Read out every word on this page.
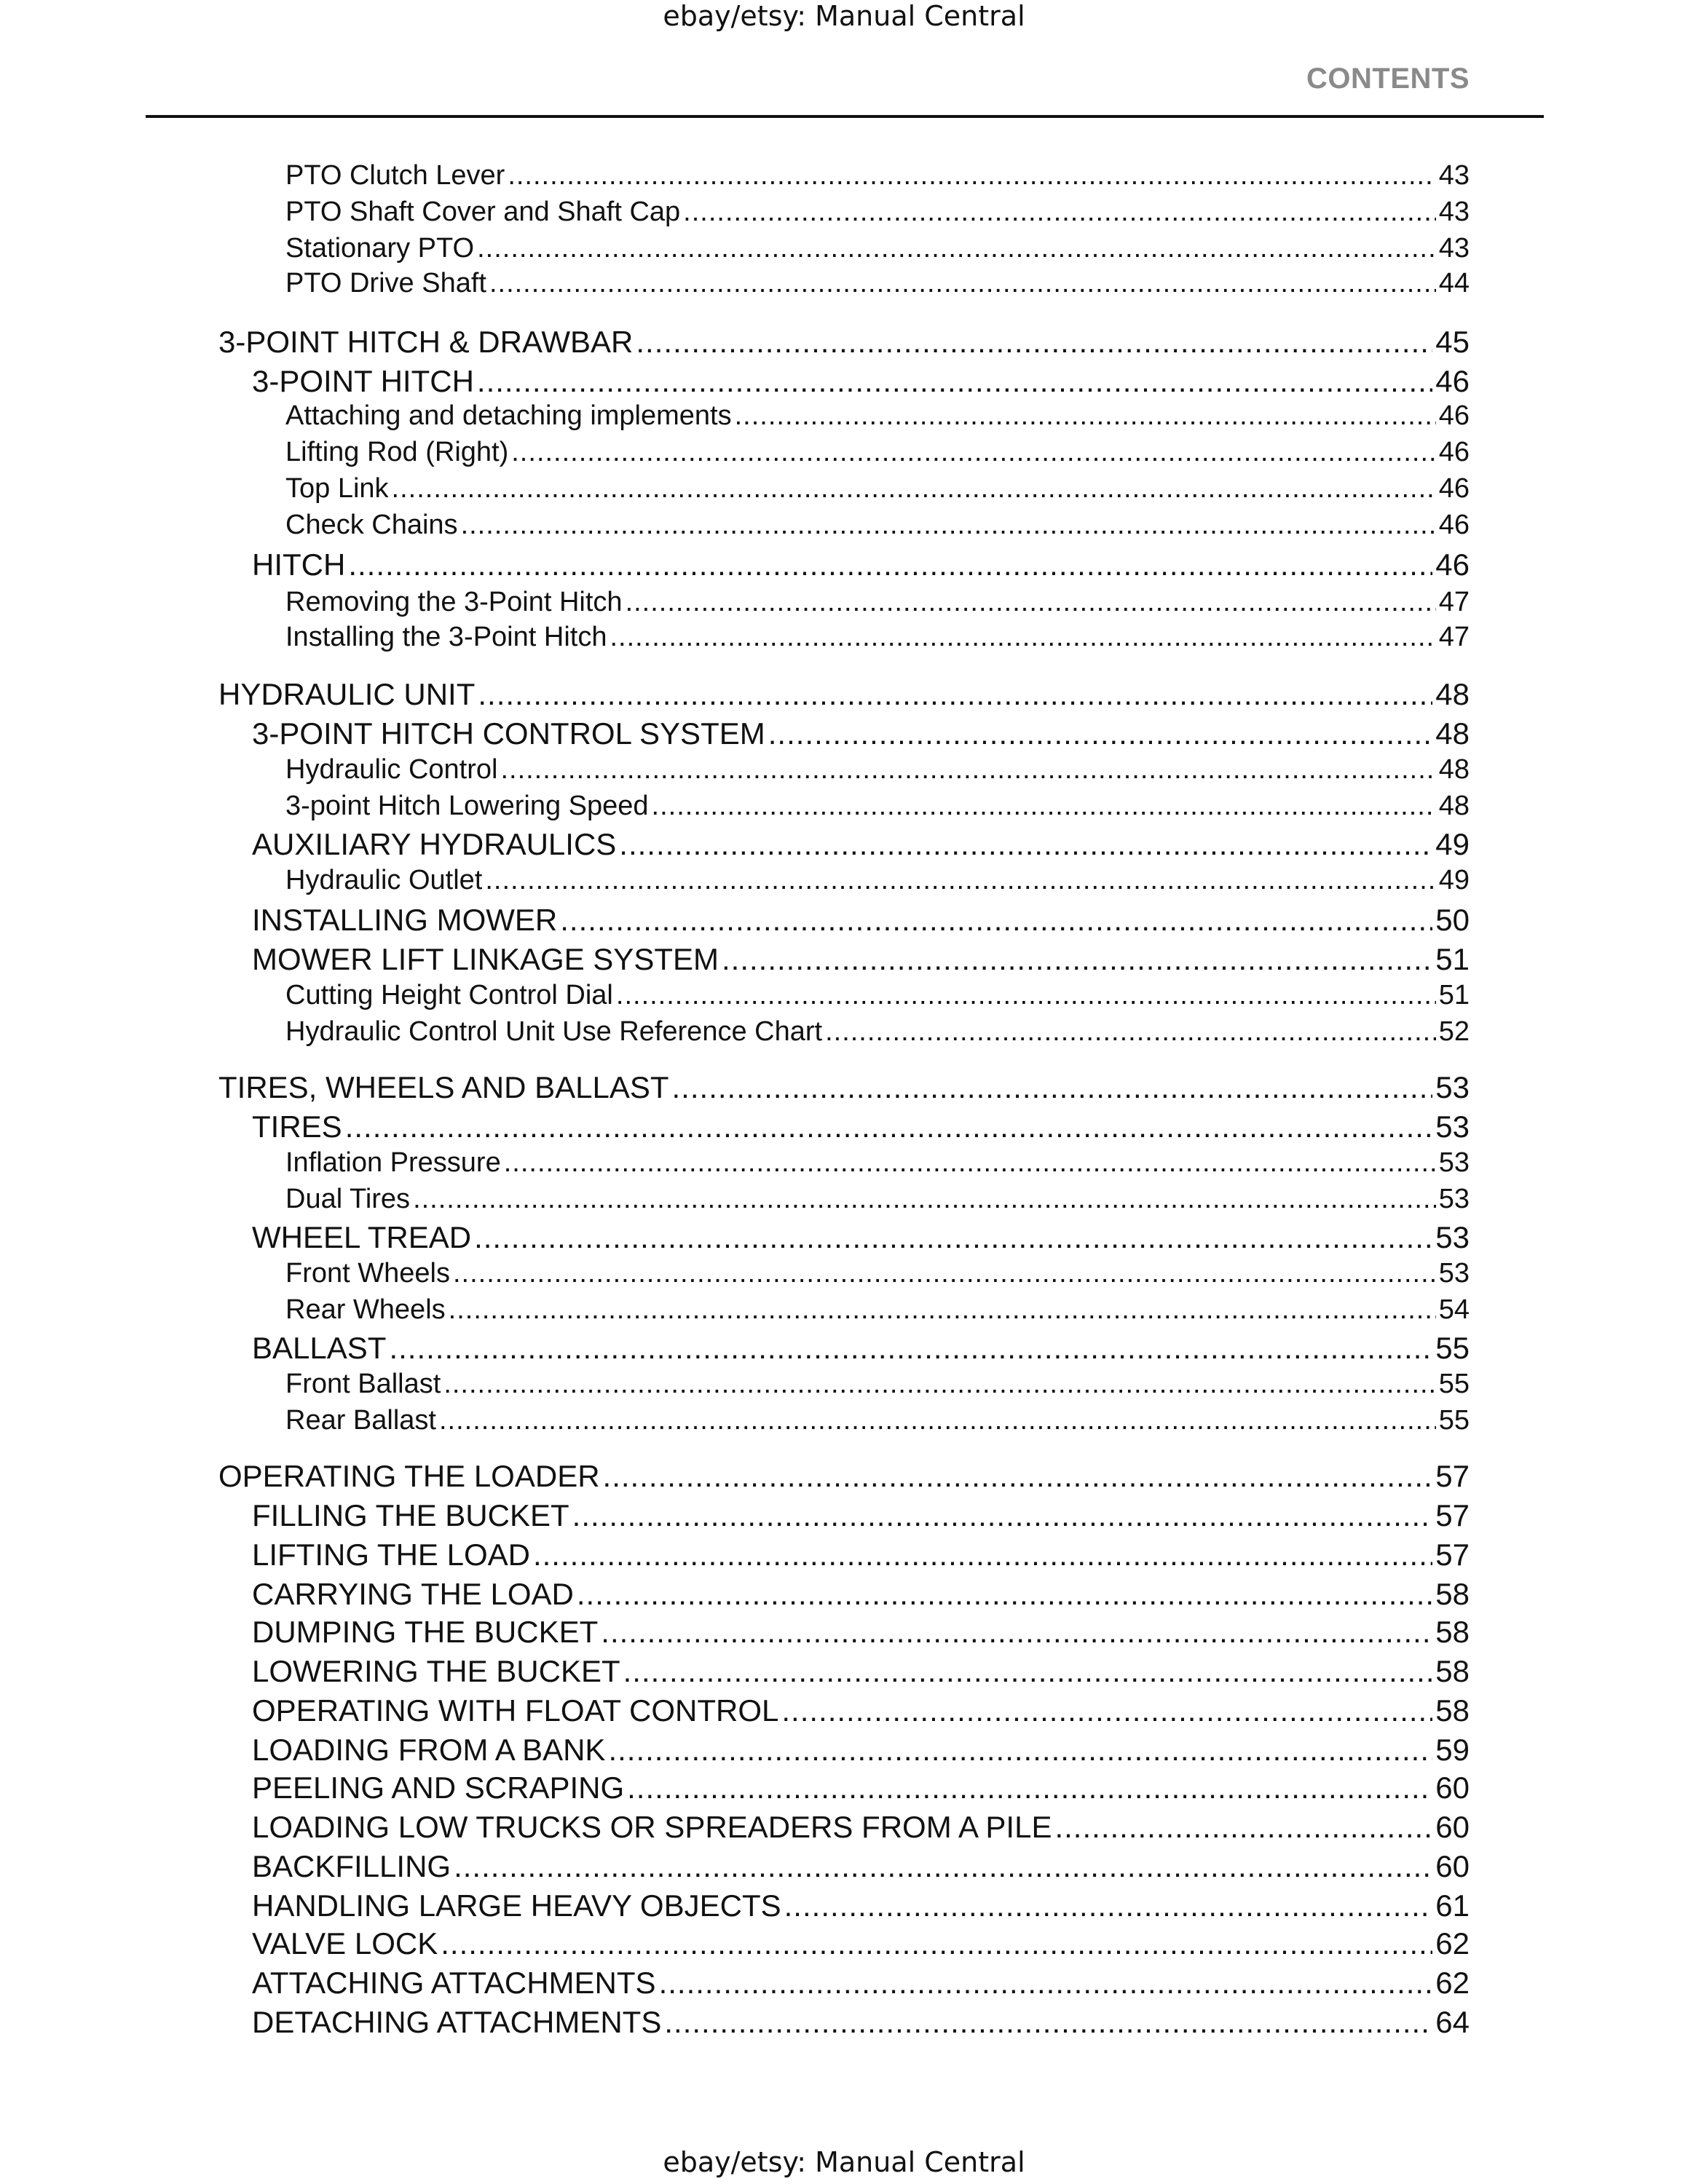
ebay/etsy: Manual Central
CONTENTS
PTO Clutch Lever .....	43
PTO Shaft Cover and Shaft Cap .....	43
Stationary PTO .....	43
PTO Drive Shaft .....	44
3-POINT HITCH & DRAWBAR .....	45
3-POINT HITCH .....	46
Attaching and detaching implements .....	46
Lifting Rod (Right) .....	46
Top Link .....	46
Check Chains .....	46
HITCH .....	46
Removing the 3-Point Hitch .....	47
Installing the 3-Point Hitch .....	47
HYDRAULIC UNIT .....	48
3-POINT HITCH CONTROL SYSTEM .....	48
Hydraulic Control .....	48
3-point Hitch Lowering Speed .....	48
AUXILIARY HYDRAULICS .....	49
Hydraulic Outlet .....	49
INSTALLING MOWER .....	50
MOWER LIFT LINKAGE SYSTEM .....	51
Cutting Height Control Dial .....	51
Hydraulic Control Unit Use Reference Chart .....	52
TIRES, WHEELS AND BALLAST .....	53
TIRES .....	53
Inflation Pressure .....	53
Dual Tires .....	53
WHEEL TREAD .....	53
Front Wheels .....	53
Rear Wheels .....	54
BALLAST .....	55
Front Ballast .....	55
Rear Ballast .....	55
OPERATING THE LOADER .....	57
FILLING THE BUCKET .....	57
LIFTING THE LOAD .....	57
CARRYING THE LOAD .....	58
DUMPING THE BUCKET .....	58
LOWERING THE BUCKET .....	58
OPERATING WITH FLOAT CONTROL .....	58
LOADING FROM A BANK .....	59
PEELING AND SCRAPING .....	60
LOADING LOW TRUCKS OR SPREADERS FROM A PILE .....	60
BACKFILLING .....	60
HANDLING LARGE HEAVY OBJECTS .....	61
VALVE LOCK .....	62
ATTACHING ATTACHMENTS .....	62
DETACHING ATTACHMENTS .....	64
ebay/etsy: Manual Central
